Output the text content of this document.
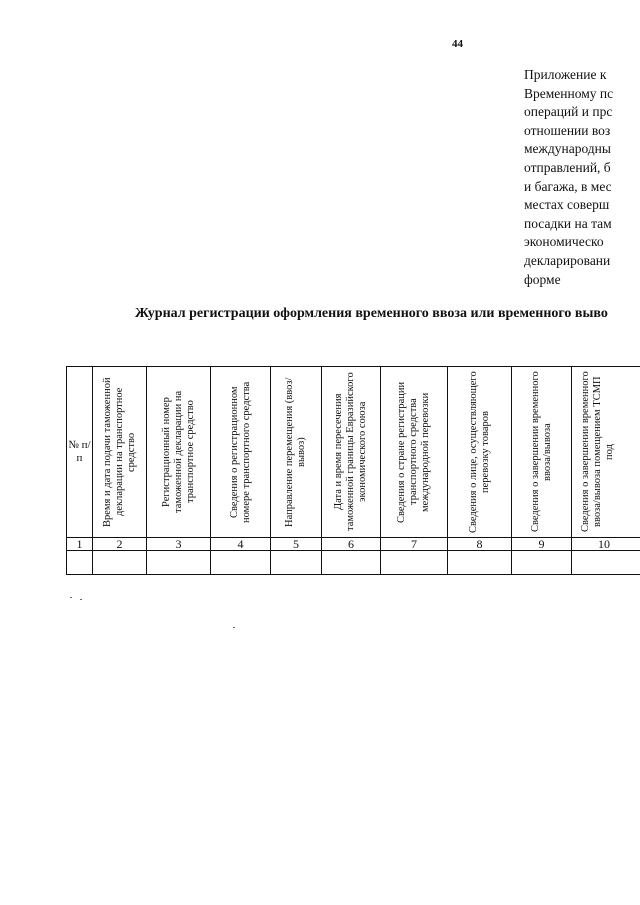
44
Приложение к
Временному пс
операций и прс
отношении воз
международны
отправлений, б
и багажа, в мес
местах соверш
посадки на там
экономическо
декларировани
форме
Журнал регистрации оформления временного ввоза или временного выво
№ п/п	Время и дата подачи таможенной декларации на транспортное средство	Регистрационный номер таможенной декларации на транспортное средство	Сведения о регистрационном номере транспортного средства	Направление перемещения (ввоз/вывоз)	Дата и время пересечения таможенной границы Евразийского экономического союза	Сведения о стране регистрации транспортного средства международной перевозки	Сведения о лице, осуществляющего перевозку товаров	Сведения о завершении временного ввоза/вывоза	Сведения о завершении временного ввоза/вывоза помещением ТСМП под

1	2	3	4	5	6	7	8	9	10
